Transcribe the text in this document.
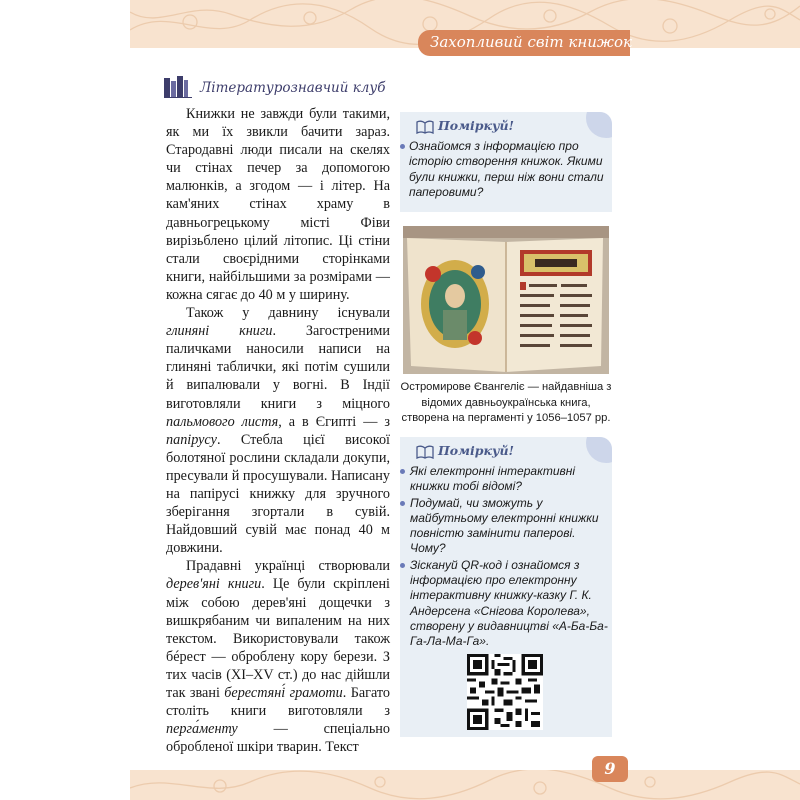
Захопливий світ книжок
Літературознавчий клуб

Книжки не завжди були такими, як ми їх звикли бачити зараз. Стародавні люди писали на скелях чи стінах печер за допомогою малюнків, а згодом — і літер. На кам'яних стінах храму в давньогрецькому місті Фіви вирізьблено цілий літопис. Ці стіни стали своєрідними сторінками книги, найбільшими за розмірами — кожна сягає до 40 м у ширину.

Також у давнину існували глиняні книги. Загостреними паличками наносили написи на глиняні таблички, які потім сушили й випалювали у вогні. В Індії виготовляли книги з міцного пальмового листя, а в Єгипті — з папірусу. Стебла цієї високої болотяної рослини складали докупи, пресували й просушували. Написану на папірусі книжку для зручного зберігання згортали в сувій. Найдовший сувій має понад 40 м довжини.

Прадавні українці створювали дерев'яні книги. Це були скріплені між собою дерев'яні дощечки з вишкрябаним чи випаленим на них текстом. Використовували також бéрест — оброблену кору берези. З тих часів (XI–XV ст.) до нас дійшли так звані берестяні́ грамоти. Багато століть книги виготовляли з перга́менту — спеціально обробленої шкіри тварин. Текст

Поміркуй!
Ознайомся з інформацією про історію створення книжок. Якими були книжки, перш ніж вони стали паперовими?
Остромирове Євангеліє — найдавніша з відомих давньоукраїнська книга, створена на пергаменті у 1056–1057 рр.
Поміркуй!
Які електронні інтерактивні книжки тобі відомі?
Подумай, чи зможуть у майбутньому електронні книжки повністю замінити паперові. Чому?
Зіскануй QR-код і ознайомся з інформацією про електронну інтерактивну книжку-казку Г. К. Андерсена «Снігова Королева», створену у видавництві «А-Ба-Ба-Га-Ла-Ма-Га».
9
